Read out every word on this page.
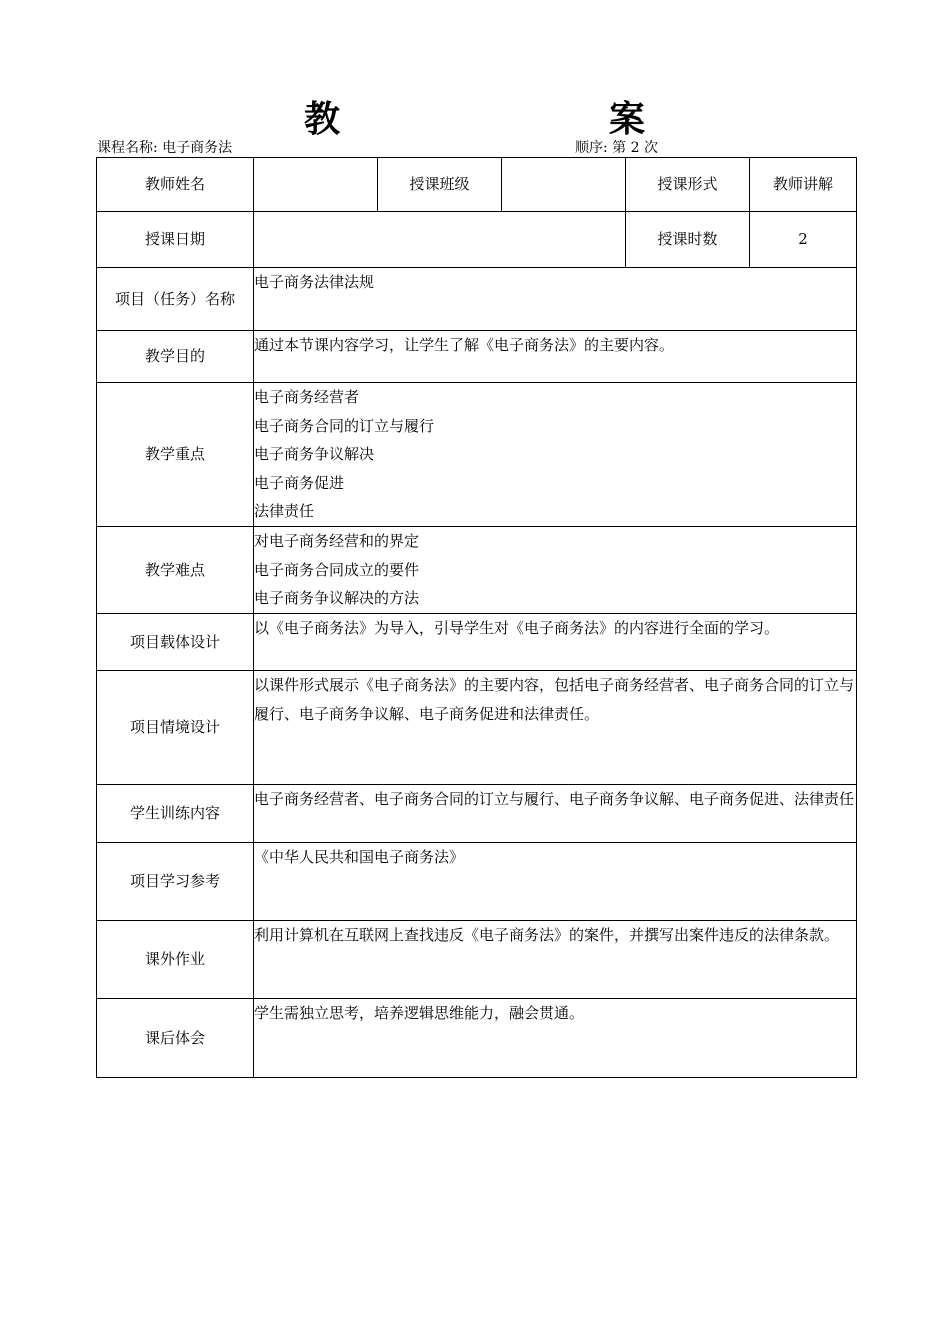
教	案
课程名称: 电子商务法	顺序: 第 2 次
教师姓名		授课班级		授课形式	教师讲解
授课日期				授课时数	2
项目（任务）名称	电子商务法律法规				
教学目的	通过本节课内容学习，让学生了解《电子商务法》的主要内容。				
教学重点	电子商务经营者
电子商务合同的订立与履行
电子商务争议解决
电子商务促进
法律责任				

教学难点	对电子商务经营和的界定
电子商务合同成立的要件
电子商务争议解决的方法				

项目载体设计	以《电子商务法》为导入，引导学生对《电子商务法》的内容进行全面的学习。				
项目情境设计	以课件形式展示《电子商务法》的主要内容，包括电子商务经营者、电子商务合同的订立与履行、电子商务争议解、电子商务促进和法律责任。				
学生训练内容	电子商务经营者、电子商务合同的订立与履行、电子商务争议解、电子商务促进、法律责任				
项目学习参考	《中华人民共和国电子商务法》				
课外作业	利用计算机在互联网上查找违反《电子商务法》的案件，并撰写出案件违反的法律条款。				
课后体会	学生需独立思考，培养逻辑思维能力，融会贯通。				
